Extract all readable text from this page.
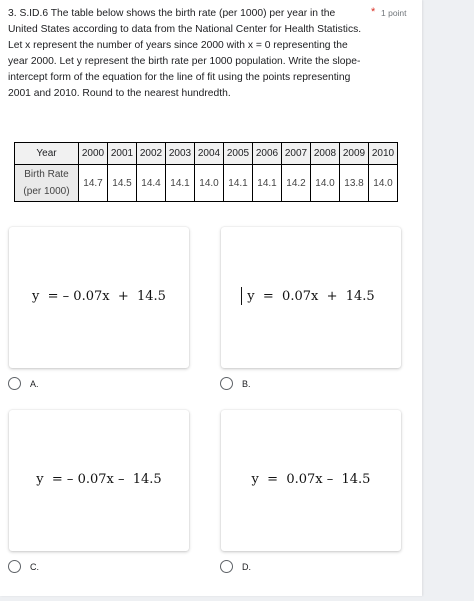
3. S.ID.6 The table below shows the birth rate (per 1000) per year in the United States according to data from the National Center for Health Statistics. Let x represent the number of years since 2000 with x = 0 representing the year 2000. Let y represent the birth rate per 1000 population. Write the slope-intercept form of the equation for the line of fit using the points representing 2001 and 2010. Round to the nearest hundredth.
* 1 point
Year	2000	2001	2002	2003	2004	2005	2006	2007	2008	2009	2010
Birth Rate
(per 1000)	14.7	14.5	14.4	14.1	14.0	14.1	14.1	14.2	14.0	13.8	14.0
y  = – 0.07x  +  14.5
A.
y  =  0.07x  +  14.5
B.
y  = – 0.07x –  14.5
C.
y  =  0.07x –  14.5
D.
